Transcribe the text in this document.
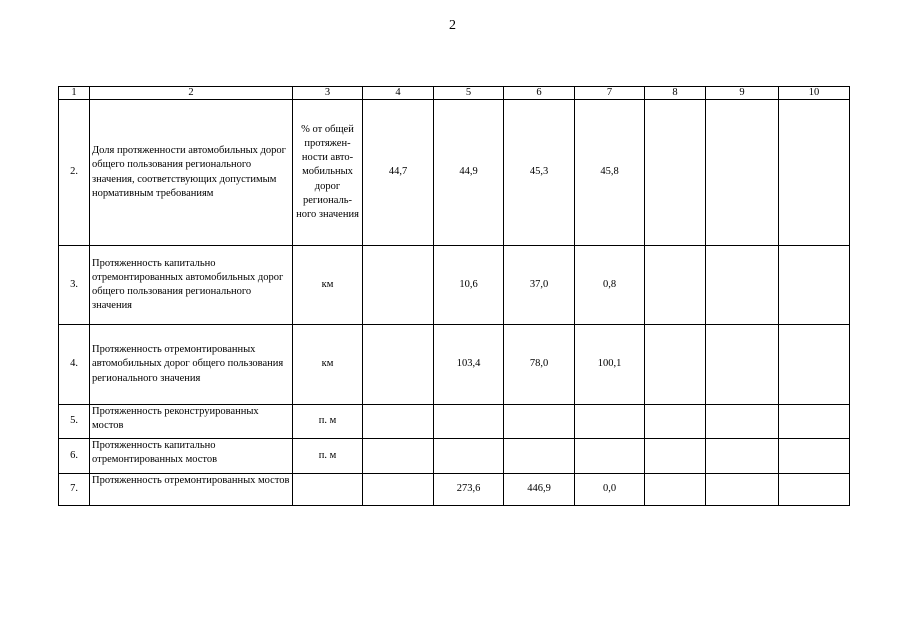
2
1	2	3	4	5	6	7	8	9	10
2.	Доля протяженности автомобильных дорог общего пользования регионального значения, соответствующих допустимым нормативным требованиям	% от общей протяжен-ности авто-мобильных дорог региональ-ного значения	44,7	44,9	45,3	45,8			
3.	Протяженность капитально отремонтированных автомобильных дорог общего пользования регионального значения	км		10,6	37,0	0,8			
4.	Протяженность отремонтированных автомобильных дорог общего пользования регионального значения	км		103,4	78,0	100,1			
5.	Протяженность реконструированных мостов	п. м							
6.	Протяженность капитально отремонтированных мостов	п. м							
7.	Протяженность отремонтированных мостов			273,6	446,9	0,0			
